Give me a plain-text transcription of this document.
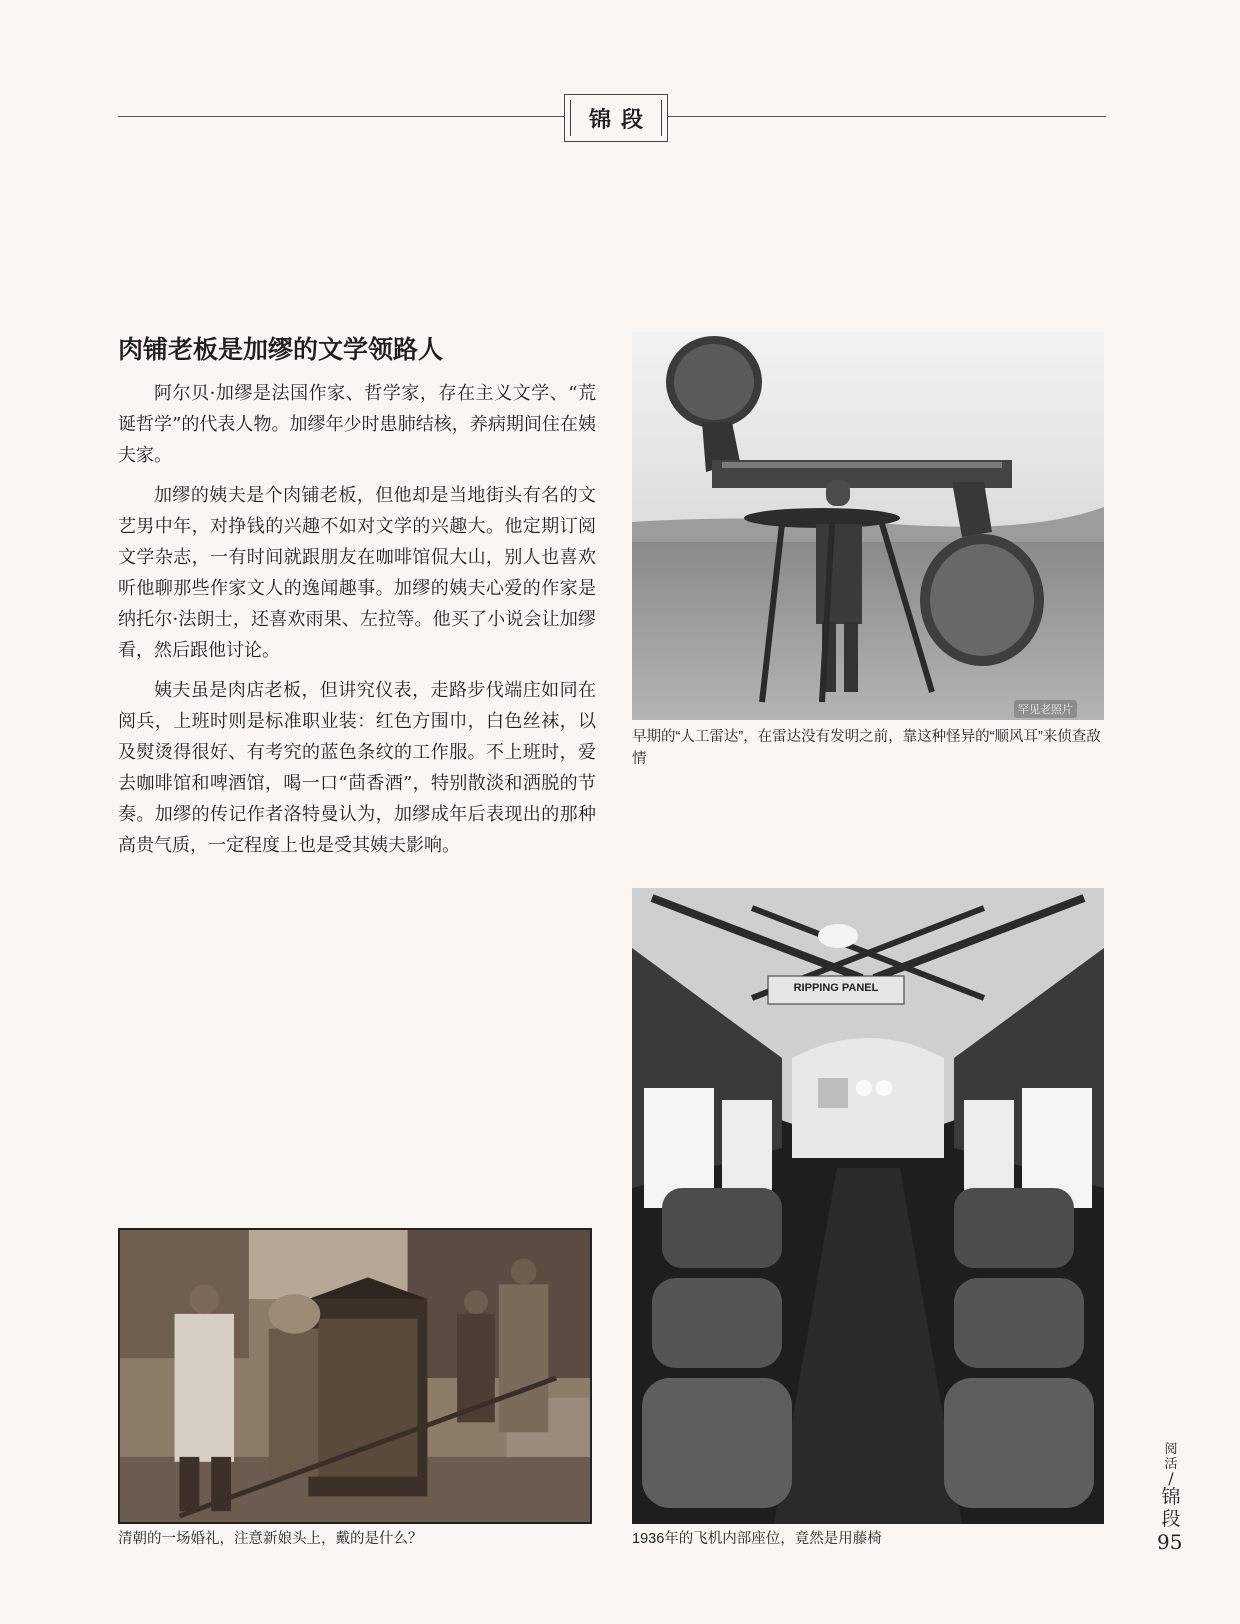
锦段
肉铺老板是加缪的文学领路人

阿尔贝·加缪是法国作家、哲学家，存在主义文学、“荒诞哲学”的代表人物。加缪年少时患肺结核，养病期间住在姨夫家。

加缪的姨夫是个肉铺老板，但他却是当地街头有名的文艺男中年，对挣钱的兴趣不如对文学的兴趣大。他定期订阅文学杂志，一有时间就跟朋友在咖啡馆侃大山，别人也喜欢听他聊那些作家文人的逸闻趣事。加缪的姨夫心爱的作家是纳托尔·法朗士，还喜欢雨果、左拉等。他买了小说会让加缪看，然后跟他讨论。

姨夫虽是肉店老板，但讲究仪表，走路步伐端庄如同在阅兵，上班时则是标准职业装：红色方围巾，白色丝袜，以及熨烫得很好、有考究的蓝色条纹的工作服。不上班时，爱去咖啡馆和啤酒馆，喝一口“茴香酒”，特别散淡和洒脱的节奏。加缪的传记作者洛特曼认为，加缪成年后表现出的那种高贵气质，一定程度上也是受其姨夫影响。

罕见老照片
早期的“人工雷达”，在雷达没有发明之前，靠这种怪异的“顺风耳”来侦查敌情
RIPPING PANEL
1936年的飞机内部座位，竟然是用藤椅
清朝的一场婚礼，注意新娘头上，戴的是什么？
阅活
/
锦段
95
